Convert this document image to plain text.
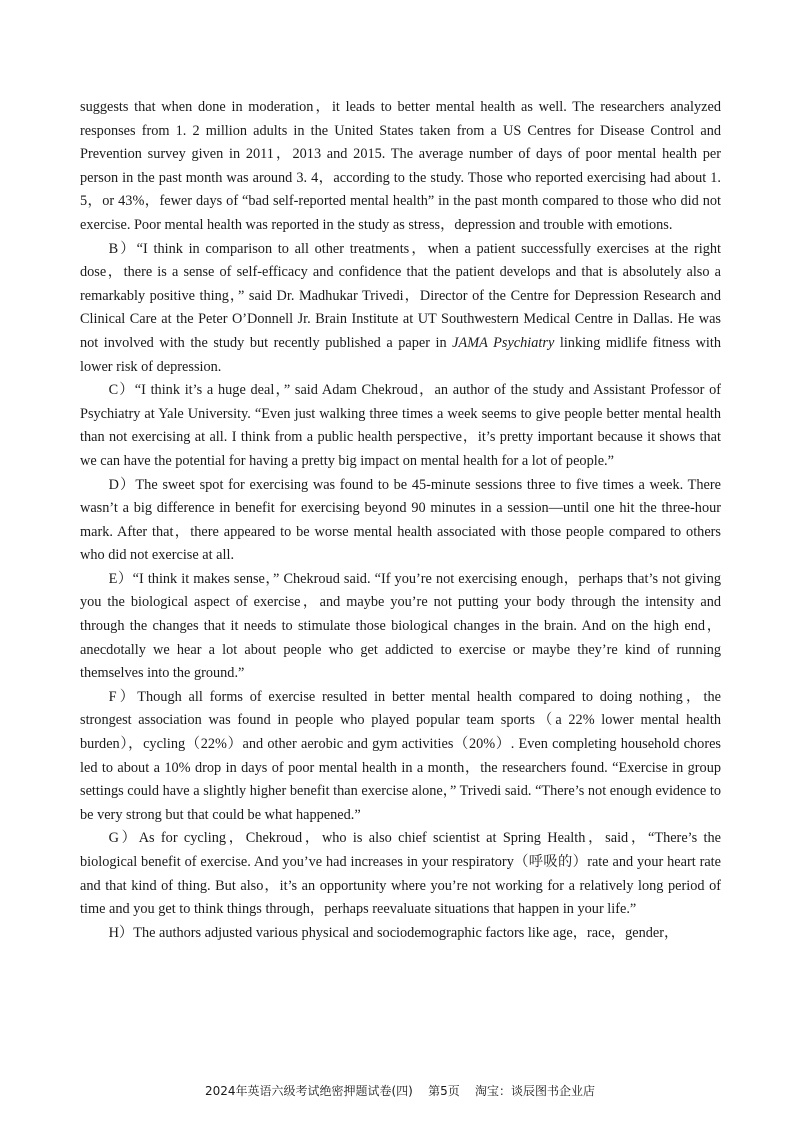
suggests that when done in moderation，it leads to better mental health as well. The researchers analyzed responses from 1. 2 million adults in the United States taken from a US Centres for Disease Control and Prevention survey given in 2011，2013 and 2015. The average number of days of poor mental health per person in the past month was around 3. 4，according to the study. Those who reported exercising had about 1. 5，or 43%，fewer days of “bad self-reported mental health” in the past month compared to those who did not exercise. Poor mental health was reported in the study as stress，depression and trouble with emotions.

B）“I think in comparison to all other treatments，when a patient successfully exercises at the right dose，there is a sense of self-efficacy and confidence that the patient develops and that is absolutely also a remarkably positive thing，” said Dr. Madhukar Trivedi，Director of the Centre for Depression Research and Clinical Care at the Peter O’Donnell Jr. Brain Institute at UT Southwestern Medical Centre in Dallas. He was not involved with the study but recently published a paper in JAMA Psychiatry linking midlife fitness with lower risk of depression.

C）“I think it’s a huge deal，” said Adam Chekroud，an author of the study and Assistant Professor of Psychiatry at Yale University. “Even just walking three times a week seems to give people better mental health than not exercising at all. I think from a public health perspective，it’s pretty important because it shows that we can have the potential for having a pretty big impact on mental health for a lot of people.”

D）The sweet spot for exercising was found to be 45-minute sessions three to five times a week. There wasn’t a big difference in benefit for exercising beyond 90 minutes in a session—until one hit the three-hour mark. After that，there appeared to be worse mental health associated with those people compared to others who did not exercise at all.

E）“I think it makes sense，” Chekroud said. “If you’re not exercising enough，perhaps that’s not giving you the biological aspect of exercise，and maybe you’re not putting your body through the intensity and through the changes that it needs to stimulate those biological changes in the brain. And on the high end，anecdotally we hear a lot about people who get addicted to exercise or maybe they’re kind of running themselves into the ground.”

F）Though all forms of exercise resulted in better mental health compared to doing nothing，the strongest association was found in people who played popular team sports（a 22% lower mental health burden），cycling（22%）and other aerobic and gym activities（20%）. Even completing household chores led to about a 10% drop in days of poor mental health in a month，the researchers found. “Exercise in group settings could have a slightly higher benefit than exercise alone，” Trivedi said. “There’s not enough evidence to be very strong but that could be what happened.”

G）As for cycling，Chekroud，who is also chief scientist at Spring Health，said，“There’s the biological benefit of exercise. And you’ve had increases in your respiratory（呼吸的）rate and your heart rate and that kind of thing. But also，it’s an opportunity where you’re not working for a relatively long period of time and you get to think things through，perhaps reevaluate situations that happen in your life.”

H）The authors adjusted various physical and sociodemographic factors like age，race，gender，

2024年英语六级考试绝密押题试卷(四) 第5页 淘宝：谈辰图书企业店
